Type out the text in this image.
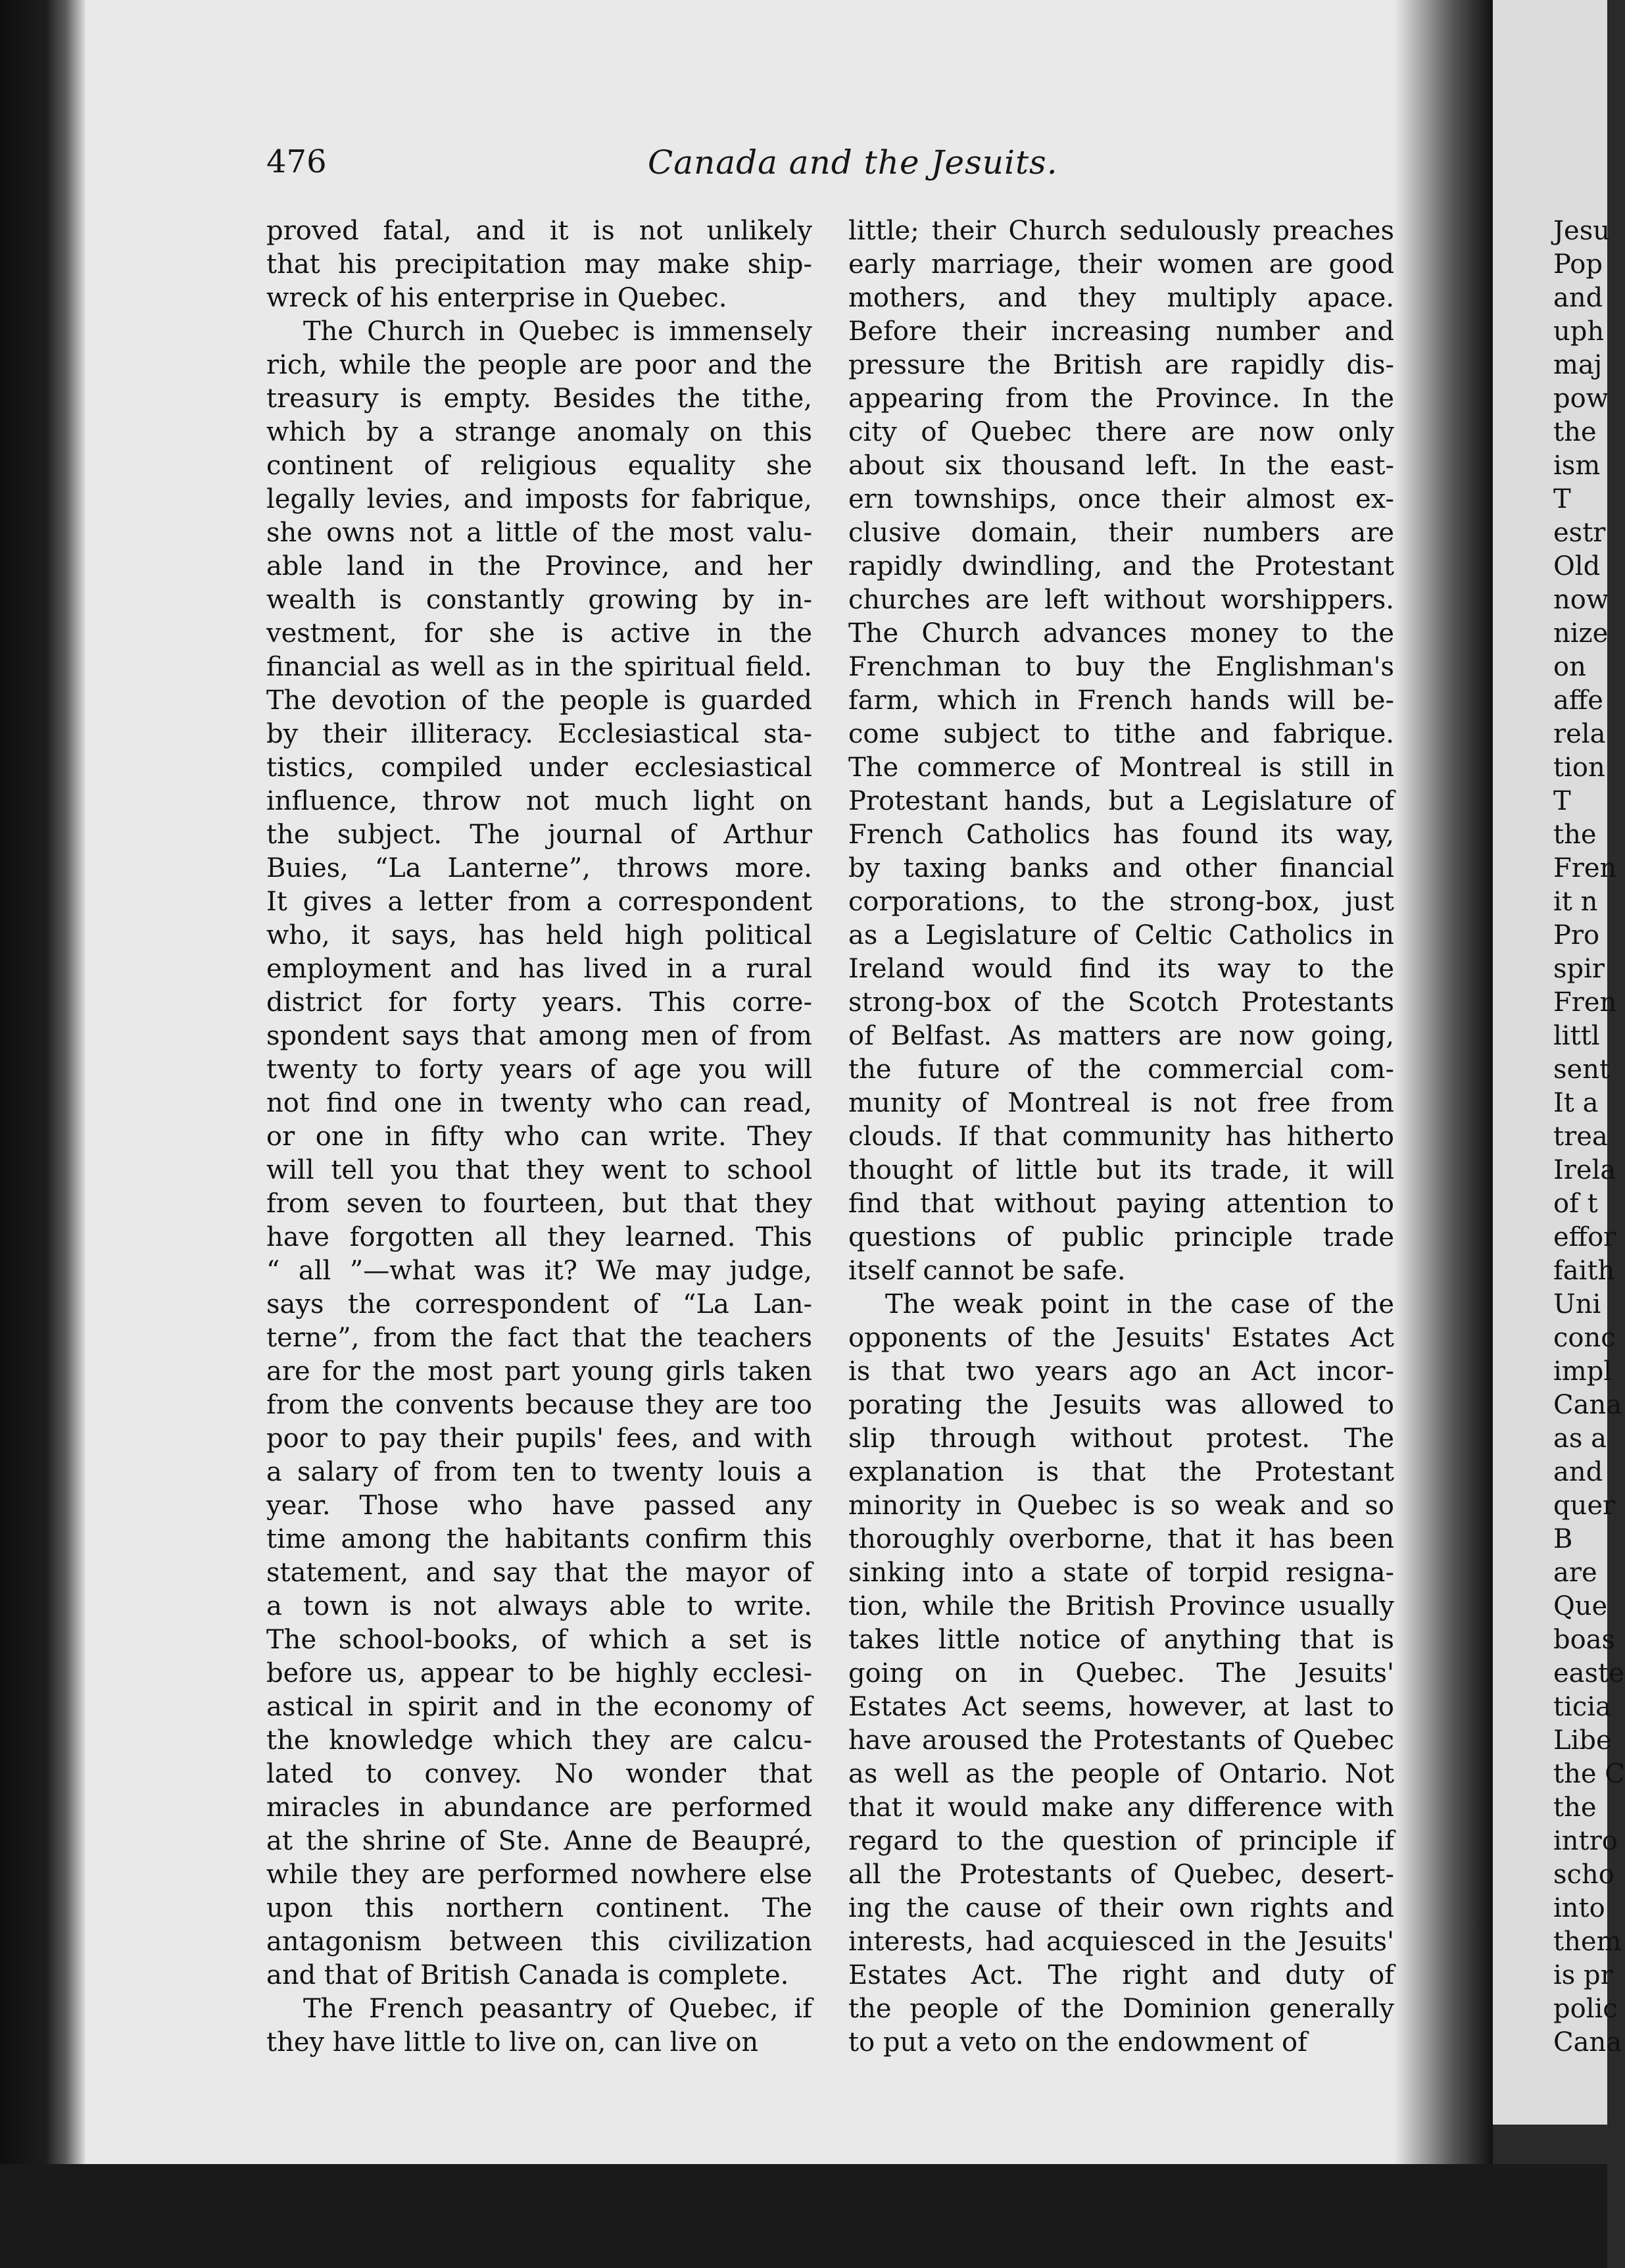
476	Canada and the Jesuits.
proved fatal, and it is not unlikely
that his precipitation may make ship-
wreck of his enterprise in Quebec.
The Church in Quebec is immensely
rich, while the people are poor and the
treasury is empty. Besides the tithe,
which by a strange anomaly on this
continent of religious equality she
legally levies, and imposts for fabrique,
she owns not a little of the most valu-
able land in the Province, and her
wealth is constantly growing by in-
vestment, for she is active in the
financial as well as in the spiritual field.
The devotion of the people is guarded
by their illiteracy. Ecclesiastical sta-
tistics, compiled under ecclesiastical
influence, throw not much light on
the subject. The journal of Arthur
Buies, “La Lanterne”, throws more.
It gives a letter from a correspondent
who, it says, has held high political
employment and has lived in a rural
district for forty years. This corre-
spondent says that among men of from
twenty to forty years of age you will
not find one in twenty who can read,
or one in fifty who can write. They
will tell you that they went to school
from seven to fourteen, but that they
have forgotten all they learned. This
“ all ”—what was it? We may judge,
says the correspondent of “La Lan-
terne”, from the fact that the teachers
are for the most part young girls taken
from the convents because they are too
poor to pay their pupils' fees, and with
a salary of from ten to twenty louis a
year. Those who have passed any
time among the habitants confirm this
statement, and say that the mayor of
a town is not always able to write.
The school-books, of which a set is
before us, appear to be highly ecclesi-
astical in spirit and in the economy of
the knowledge which they are calcu-
lated to convey. No wonder that
miracles in abundance are performed
at the shrine of Ste. Anne de Beaupré,
while they are performed nowhere else
upon this northern continent. The
antagonism between this civilization
and that of British Canada is complete.
The French peasantry of Quebec, if
they have little to live on, can live on
little; their Church sedulously preaches
early marriage, their women are good
mothers, and they multiply apace.
Before their increasing number and
pressure the British are rapidly dis-
appearing from the Province. In the
city of Quebec there are now only
about six thousand left. In the east-
ern townships, once their almost ex-
clusive domain, their numbers are
rapidly dwindling, and the Protestant
churches are left without worshippers.
The Church advances money to the
Frenchman to buy the Englishman's
farm, which in French hands will be-
come subject to tithe and fabrique.
The commerce of Montreal is still in
Protestant hands, but a Legislature of
French Catholics has found its way,
by taxing banks and other financial
corporations, to the strong-box, just
as a Legislature of Celtic Catholics in
Ireland would find its way to the
strong-box of the Scotch Protestants
of Belfast. As matters are now going,
the future of the commercial com-
munity of Montreal is not free from
clouds. If that community has hitherto
thought of little but its trade, it will
find that without paying attention to
questions of public principle trade
itself cannot be safe.
The weak point in the case of the
opponents of the Jesuits' Estates Act
is that two years ago an Act incor-
porating the Jesuits was allowed to
slip through without protest. The
explanation is that the Protestant
minority in Quebec is so weak and so
thoroughly overborne, that it has been
sinking into a state of torpid resigna-
tion, while the British Province usually
takes little notice of anything that is
going on in Quebec. The Jesuits'
Estates Act seems, however, at last to
have aroused the Protestants of Quebec
as well as the people of Ontario. Not
that it would make any difference with
regard to the question of principle if
all the Protestants of Quebec, desert-
ing the cause of their own rights and
interests, had acquiesced in the Jesuits'
Estates Act. The right and duty of
the people of the Dominion generally
to put a veto on the endowment of
Jesu
Pop
and
uph
maj
pow
the
ism
T
estr
Old
now
nize
on
affe
rela
tion
T
the
Fren
it n
Pro
spir
Fren
littl
sent
It a
trea
Irela
of t
effor
faith
Uni
conc
impl
Cana
as a
and
quer
B
are
Que
boas
easte
ticia
Libe
the C
the
intro
scho
into
them
is pr
polic
Cana
